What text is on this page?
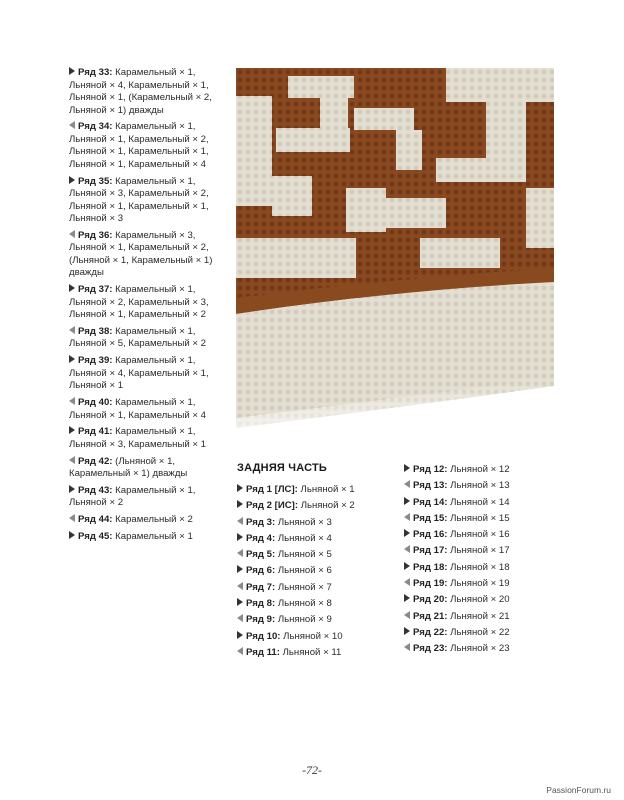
Ряд 33: Карамельный × 1, Льняной × 4, Карамельный × 1, Льняной × 1, (Карамельный × 2, Льняной × 1) дважды
Ряд 34: Карамельный × 1, Льняной × 1, Карамельный × 2, Льняной × 1, Карамельный × 1, Льняной × 1, Карамельный × 4
Ряд 35: Карамельный × 1, Льняной × 3, Карамельный × 2, Льняной × 1, Карамельный × 1, Льняной × 3
Ряд 36: Карамельный × 3, Льняной × 1, Карамельный × 2, (Льняной × 1, Карамельный × 1) дважды
Ряд 37: Карамельный × 1, Льняной × 2, Карамельный × 3, Льняной × 1, Карамельный × 2
Ряд 38: Карамельный × 1, Льняной × 5, Карамельный × 2
Ряд 39: Карамельный × 1, Льняной × 4, Карамельный × 1, Льняной × 1
Ряд 40: Карамельный × 1, Льняной × 1, Карамельный × 4
Ряд 41: Карамельный × 1, Льняной × 3, Карамельный × 1
Ряд 42: (Льняной × 1, Карамельный × 1) дважды
Ряд 43: Карамельный × 1, Льняной × 2
Ряд 44: Карамельный × 2
Ряд 45: Карамельный × 1
ЗАДНЯЯ ЧАСТЬ
Ряд 1 [ЛС]: Льняной × 1
Ряд 2 [ИС]: Льняной × 2
Ряд 3: Льняной × 3
Ряд 4: Льняной × 4
Ряд 5: Льняной × 5
Ряд 6: Льняной × 6
Ряд 7: Льняной × 7
Ряд 8: Льняной × 8
Ряд 9: Льняной × 9
Ряд 10: Льняной × 10
Ряд 11: Льняной × 11
Ряд 12: Льняной × 12
Ряд 13: Льняной × 13
Ряд 14: Льняной × 14
Ряд 15: Льняной × 15
Ряд 16: Льняной × 16
Ряд 17: Льняной × 17
Ряд 18: Льняной × 18
Ряд 19: Льняной × 19
Ряд 20: Льняной × 20
Ряд 21: Льняной × 21
Ряд 22: Льняной × 22
Ряд 23: Льняной × 23
-72-
PassionForum.ru
